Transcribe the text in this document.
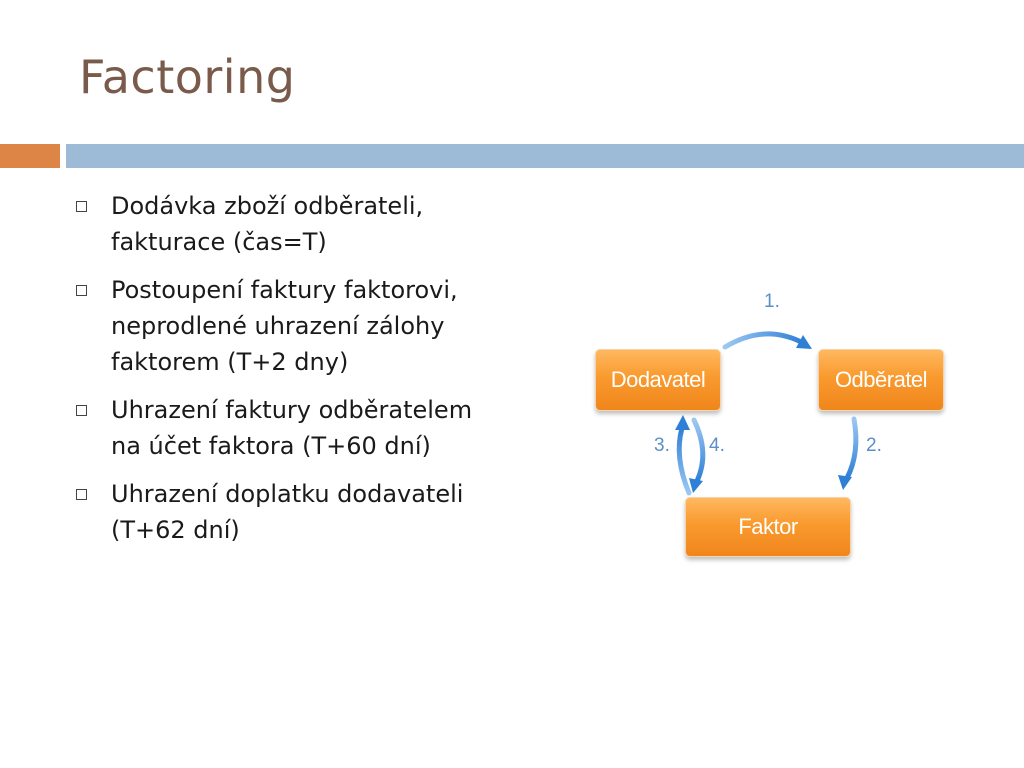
Factoring
Dodávka zboží odběrateli, fakturace (čas=T)
Postoupení faktury faktorovi, neprodlené uhrazení zálohy faktorem (T+2 dny)
Uhrazení faktury odběratelem na účet faktora (T+60 dní)
Uhrazení doplatku dodavateli (T+62 dní)
1.
2.
3. 4.
Dodavatel	Odběratel
Faktor
